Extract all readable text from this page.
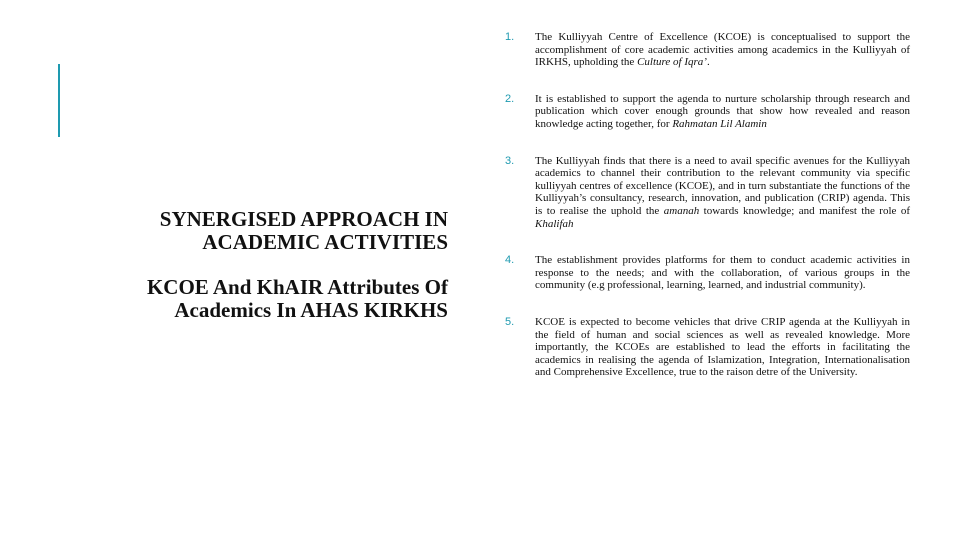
SYNERGISED APPROACH IN ACADEMIC ACTIVITIES
KCOE And KhAIR Attributes Of Academics In AHAS KIRKHS
1. The Kulliyyah Centre of Excellence (KCOE) is conceptualised to support the accomplishment of core academic activities among academics in the Kulliyyah of IRKHS, upholding the Culture of Iqra’.
2. It is established to support the agenda to nurture scholarship through research and publication which cover enough grounds that show how revealed and reason knowledge acting together, for Rahmatan Lil Alamin
3. The Kulliyyah finds that there is a need to avail specific avenues for the Kulliyyah academics to channel their contribution to the relevant community via specific kulliyyah centres of excellence (KCOE), and in turn substantiate the functions of the Kulliyyah’s consultancy, research, innovation, and publication (CRIP) agenda. This is to realise the uphold the amanah towards knowledge; and manifest the role of Khalifah
4. The establishment provides platforms for them to conduct academic activities in response to the needs; and with the collaboration, of various groups in the community (e.g professional, learning, learned, and industrial community).
5. KCOE is expected to become vehicles that drive CRIP agenda at the Kulliyyah in the field of human and social sciences as well as revealed knowledge. More importantly, the KCOEs are established to lead the efforts in facilitating the academics in realising the agenda of Islamization, Integration, Internationalisation and Comprehensive Excellence, true to the raison detre of the University.
